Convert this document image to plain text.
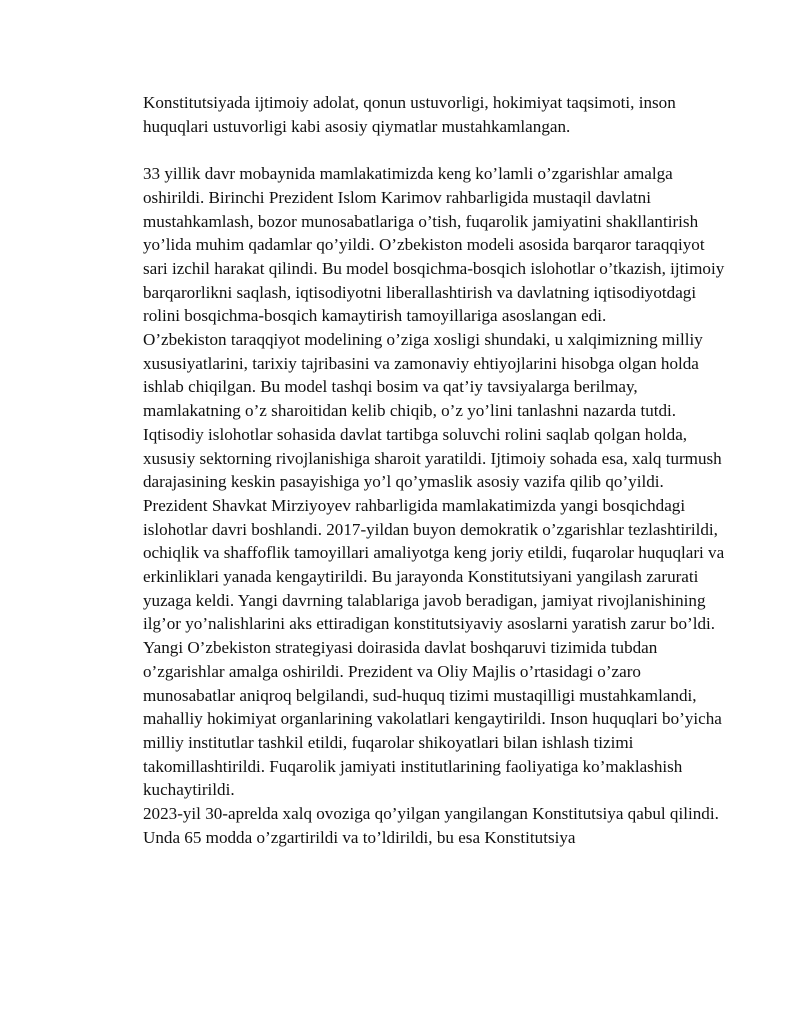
Konstitutsiyada ijtimoiy adolat, qonun ustuvorligi, hokimiyat taqsimoti, inson huquqlari ustuvorligi kabi asosiy qiymatlar mustahkamlangan.

33 yillik davr mobaynida mamlakatimizda keng ko’lamli o’zgarishlar amalga oshirildi. Birinchi Prezident Islom Karimov rahbarligida mustaqil davlatni mustahkamlash, bozor munosabatlariga o’tish, fuqarolik jamiyatini shakllantirish yo’lida muhim qadamlar qo’yildi. O’zbekiston modeli asosida barqaror taraqqiyot sari izchil harakat qilindi. Bu model bosqichma-bosqich islohotlar o’tkazish, ijtimoiy barqarorlikni saqlash, iqtisodiyotni liberallashtirish va davlatning iqtisodiyotdagi rolini bosqichma-bosqich kamaytirish tamoyillariga asoslangan edi.

O’zbekiston taraqqiyot modelining o’ziga xosligi shundaki, u xalqimizning milliy xususiyatlarini, tarixiy tajribasini va zamonaviy ehtiyojlarini hisobga olgan holda ishlab chiqilgan. Bu model tashqi bosim va qat’iy tavsiyalarga berilmay, mamlakatning o’z sharoitidan kelib chiqib, o’z yo’lini tanlashni nazarda tutdi. Iqtisodiy islohotlar sohasida davlat tartibga soluvchi rolini saqlab qolgan holda, xususiy sektorning rivojlanishiga sharoit yaratildi. Ijtimoiy sohada esa, xalq turmush darajasining keskin pasayishiga yo’l qo’ymaslik asosiy vazifa qilib qo’yildi.

Prezident Shavkat Mirziyoyev rahbarligida mamlakatimizda yangi bosqichdagi islohotlar davri boshlandi. 2017-yildan buyon demokratik o’zgarishlar tezlashtirildi, ochiqlik va shaffoflik tamoyillari amaliyotga keng joriy etildi, fuqarolar huquqlari va erkinliklari yanada kengaytirildi. Bu jarayonda Konstitutsiyani yangilash zarurati yuzaga keldi. Yangi davrning talablariga javob beradigan, jamiyat rivojlanishining ilg’or yo’nalishlarini aks ettiradigan konstitutsiyaviy asoslarni yaratish zarur bo’ldi.

Yangi O’zbekiston strategiyasi doirasida davlat boshqaruvi tizimida tubdan o’zgarishlar amalga oshirildi. Prezident va Oliy Majlis o’rtasidagi o’zaro munosabatlar aniqroq belgilandi, sud-huquq tizimi mustaqilligi mustahkamlandi, mahalliy hokimiyat organlarining vakolatlari kengaytirildi. Inson huquqlari bo’yicha milliy institutlar tashkil etildi, fuqarolar shikoyatlari bilan ishlash tizimi takomillashtirildi. Fuqarolik jamiyati institutlarining faoliyatiga ko’maklashish kuchaytirildi.

2023-yil 30-aprelda xalq ovoziga qo’yilgan yangilangan Konstitutsiya qabul qilindi. Unda 65 modda o’zgartirildi va to’ldirildi, bu esa Konstitutsiya
